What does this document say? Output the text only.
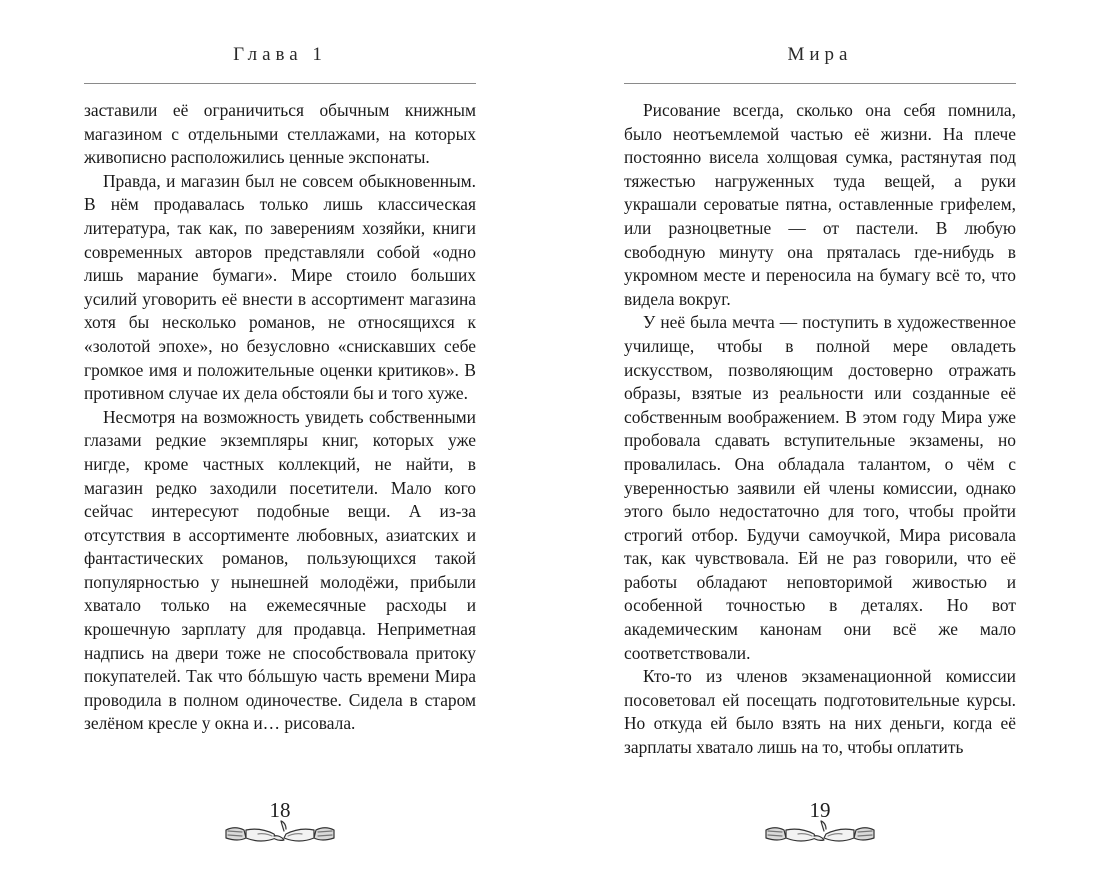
Глава 1

заставили её ограничиться обычным книжным магазином с отдельными стеллажами, на которых живописно расположились ценные экспонаты.

Правда, и магазин был не совсем обыкновенным. В нём продавалась только лишь классическая литература, так как, по заверениям хозяйки, книги современных авторов представляли собой «одно лишь марание бумаги». Мире стоило больших усилий уговорить её внести в ассортимент магазина хотя бы несколько романов, не относящихся к «золотой эпохе», но безусловно «снискавших себе громкое имя и положительные оценки критиков». В противном случае их дела обстояли бы и того хуже.

Несмотря на возможность увидеть собственными глазами редкие экземпляры книг, которых уже нигде, кроме частных коллекций, не найти, в магазин редко заходили посетители. Мало кого сейчас интересуют подобные вещи. А из-за отсутствия в ассортименте любовных, азиатских и фантастических романов, пользующихся такой популярностью у нынешней молодёжи, прибыли хватало только на ежемесячные расходы и крошечную зарплату для продавца. Неприметная надпись на двери тоже не способствовала притоку покупателей. Так что бóльшую часть времени Мира проводила в полном одиночестве. Сидела в старом зелёном кресле у окна и… рисовала.

18
Мира

Рисование всегда, сколько она себя помнила, было неотъемлемой частью её жизни. На плече постоянно висела холщовая сумка, растянутая под тяжестью нагруженных туда вещей, а руки украшали сероватые пятна, оставленные грифелем, или разноцветные — от пастели. В любую свободную минуту она пряталась где-нибудь в укромном месте и переносила на бумагу всё то, что видела вокруг.

У неё была мечта — поступить в художественное училище, чтобы в полной мере овладеть искусством, позволяющим достоверно отражать образы, взятые из реальности или созданные её собственным воображением. В этом году Мира уже пробовала сдавать вступительные экзамены, но провалилась. Она обладала талантом, о чём с уверенностью заявили ей члены комиссии, однако этого было недостаточно для того, чтобы пройти строгий отбор. Будучи самоучкой, Мира рисовала так, как чувствовала. Ей не раз говорили, что её работы обладают неповторимой живостью и особенной точностью в деталях. Но вот академическим канонам они всё же мало соответствовали.

Кто-то из членов экзаменационной комиссии посоветовал ей посещать подготовительные курсы. Но откуда ей было взять на них деньги, когда её зарплаты хватало лишь на то, чтобы оплатить

19
